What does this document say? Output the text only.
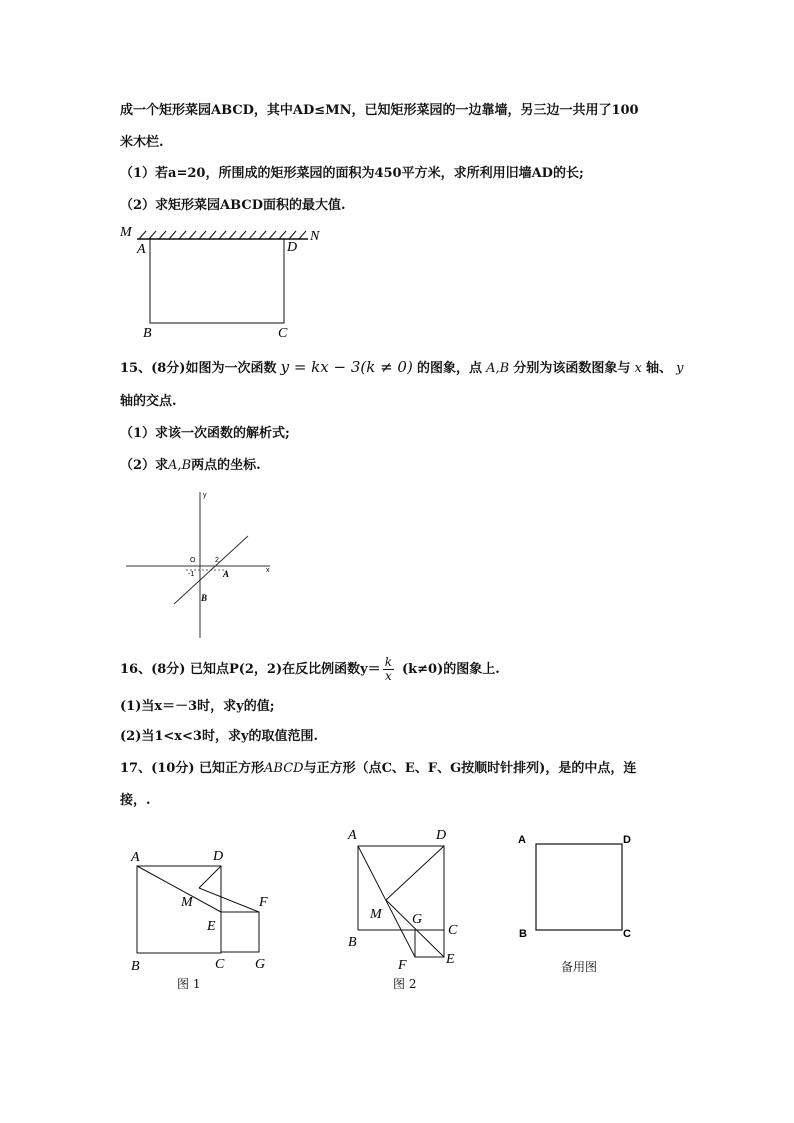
成一个矩形菜园ABCD，其中AD≤MN，已知矩形菜园的一边靠墙，另三边一共用了100
米木栏.
（1）若a=20，所围成的矩形菜园的面积为450平方米，求所利用旧墙AD的长;
（2）求矩形菜园ABCD面积的最大值.
M	N
A	D
B	C
15、(8分)如图为一次函数 y = kx − 3(k ≠ 0) 的图象，点 A,B 分别为该函数图象与 x 轴、 y
轴的交点.
（1）求该一次函数的解析式;
（2）求A,B两点的坐标.
y
x
O	2
-1	A
B
16、(8分) 已知点P(2，2)在反比例函数$y= \frac{k}{x} (k\ne 0)$的图象上.
(1)当x＝－3时，求y的值;
(2)当1<x<3时，求y的取值范围.
17、(10分) 已知正方形ABCD与正方形（点C、E、F、G按顺时针排列)，是的中点，连
接，.
A	D
M
E
F
B	C G
图 1
A	D
M G
C
B
F	E
图 2
A	D
B	C
备用图
